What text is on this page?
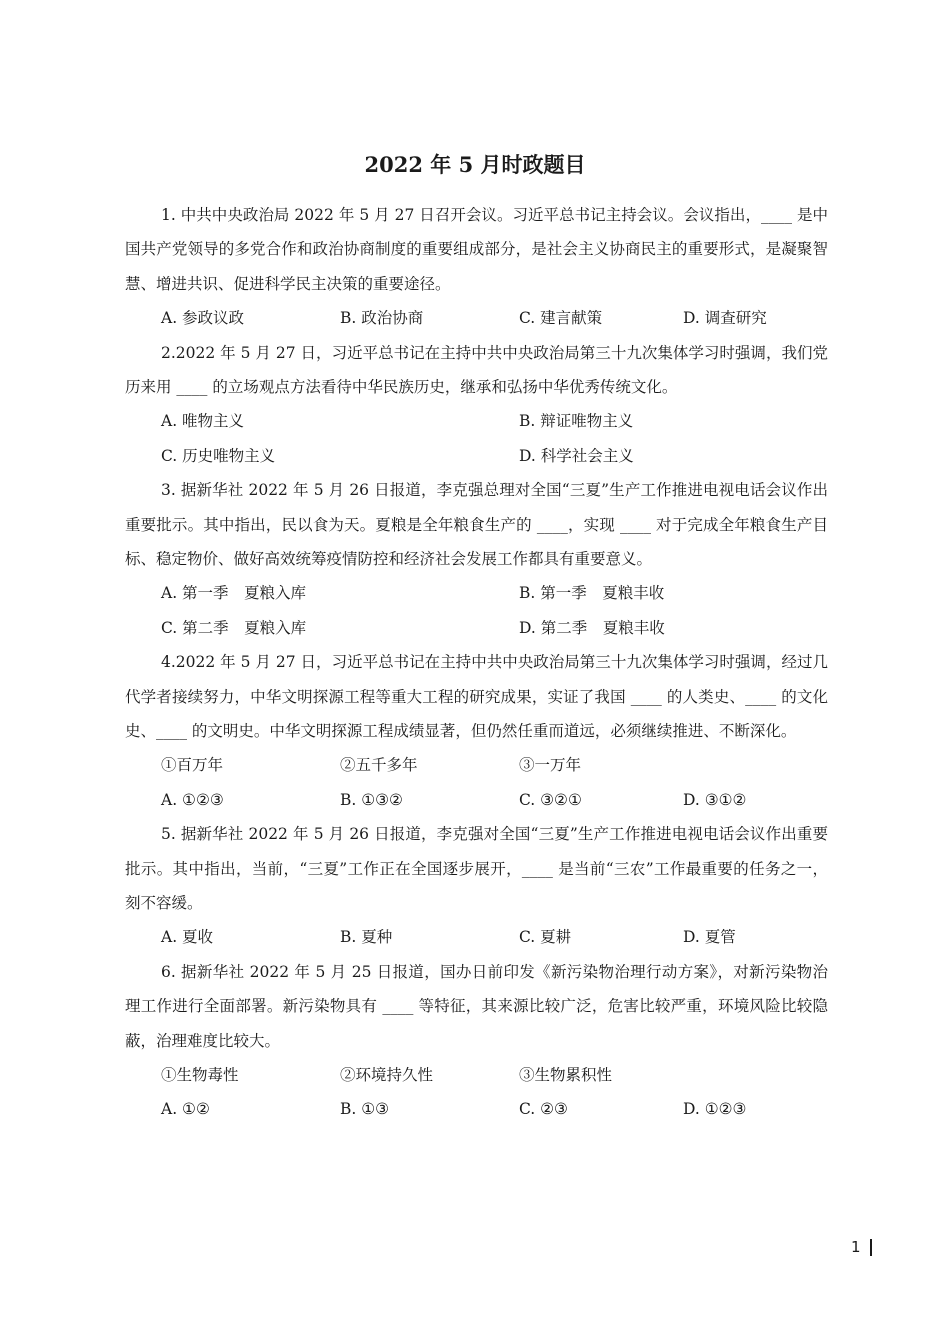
2022 年 5 月时政题目

1. 中共中央政治局 2022 年 5 月 27 日召开会议。习近平总书记主持会议。会议指出，____ 是中国共产党领导的多党合作和政治协商制度的重要组成部分，是社会主义协商民主的重要形式，是凝聚智慧、增进共识、促进科学民主决策的重要途径。

A. 参政议政	B. 政治协商	C. 建言献策	D. 调查研究

2.2022 年 5 月 27 日，习近平总书记在主持中共中央政治局第三十九次集体学习时强调，我们党历来用 ____ 的立场观点方法看待中华民族历史，继承和弘扬中华优秀传统文化。

A. 唯物主义	B. 辩证唯物主义
C. 历史唯物主义	D. 科学社会主义

3. 据新华社 2022 年 5 月 26 日报道，李克强总理对全国“三夏”生产工作推进电视电话会议作出重要批示。其中指出，民以食为天。夏粮是全年粮食生产的 ____，实现 ____ 对于完成全年粮食生产目标、稳定物价、做好高效统筹疫情防控和经济社会发展工作都具有重要意义。

A. 第一季　夏粮入库	B. 第一季　夏粮丰收
C. 第二季　夏粮入库	D. 第二季　夏粮丰收

4.2022 年 5 月 27 日，习近平总书记在主持中共中央政治局第三十九次集体学习时强调，经过几代学者接续努力，中华文明探源工程等重大工程的研究成果，实证了我国 ____ 的人类史、____ 的文化史、____ 的文明史。中华文明探源工程成绩显著，但仍然任重而道远，必须继续推进、不断深化。

①百万年	②五千多年	③一万年
A. ①②③	B. ①③②	C. ③②①	D. ③①②

5. 据新华社 2022 年 5 月 26 日报道，李克强对全国“三夏”生产工作推进电视电话会议作出重要批示。其中指出，当前，“三夏”工作正在全国逐步展开，____ 是当前“三农”工作最重要的任务之一，刻不容缓。

A. 夏收	B. 夏种	C. 夏耕	D. 夏管

6. 据新华社 2022 年 5 月 25 日报道，国办日前印发《新污染物治理行动方案》，对新污染物治理工作进行全面部署。新污染物具有 ____ 等特征，其来源比较广泛，危害比较严重，环境风险比较隐蔽，治理难度比较大。

①生物毒性	②环境持久性	③生物累积性
A. ①②	B. ①③	C. ②③	D. ①②③
1
